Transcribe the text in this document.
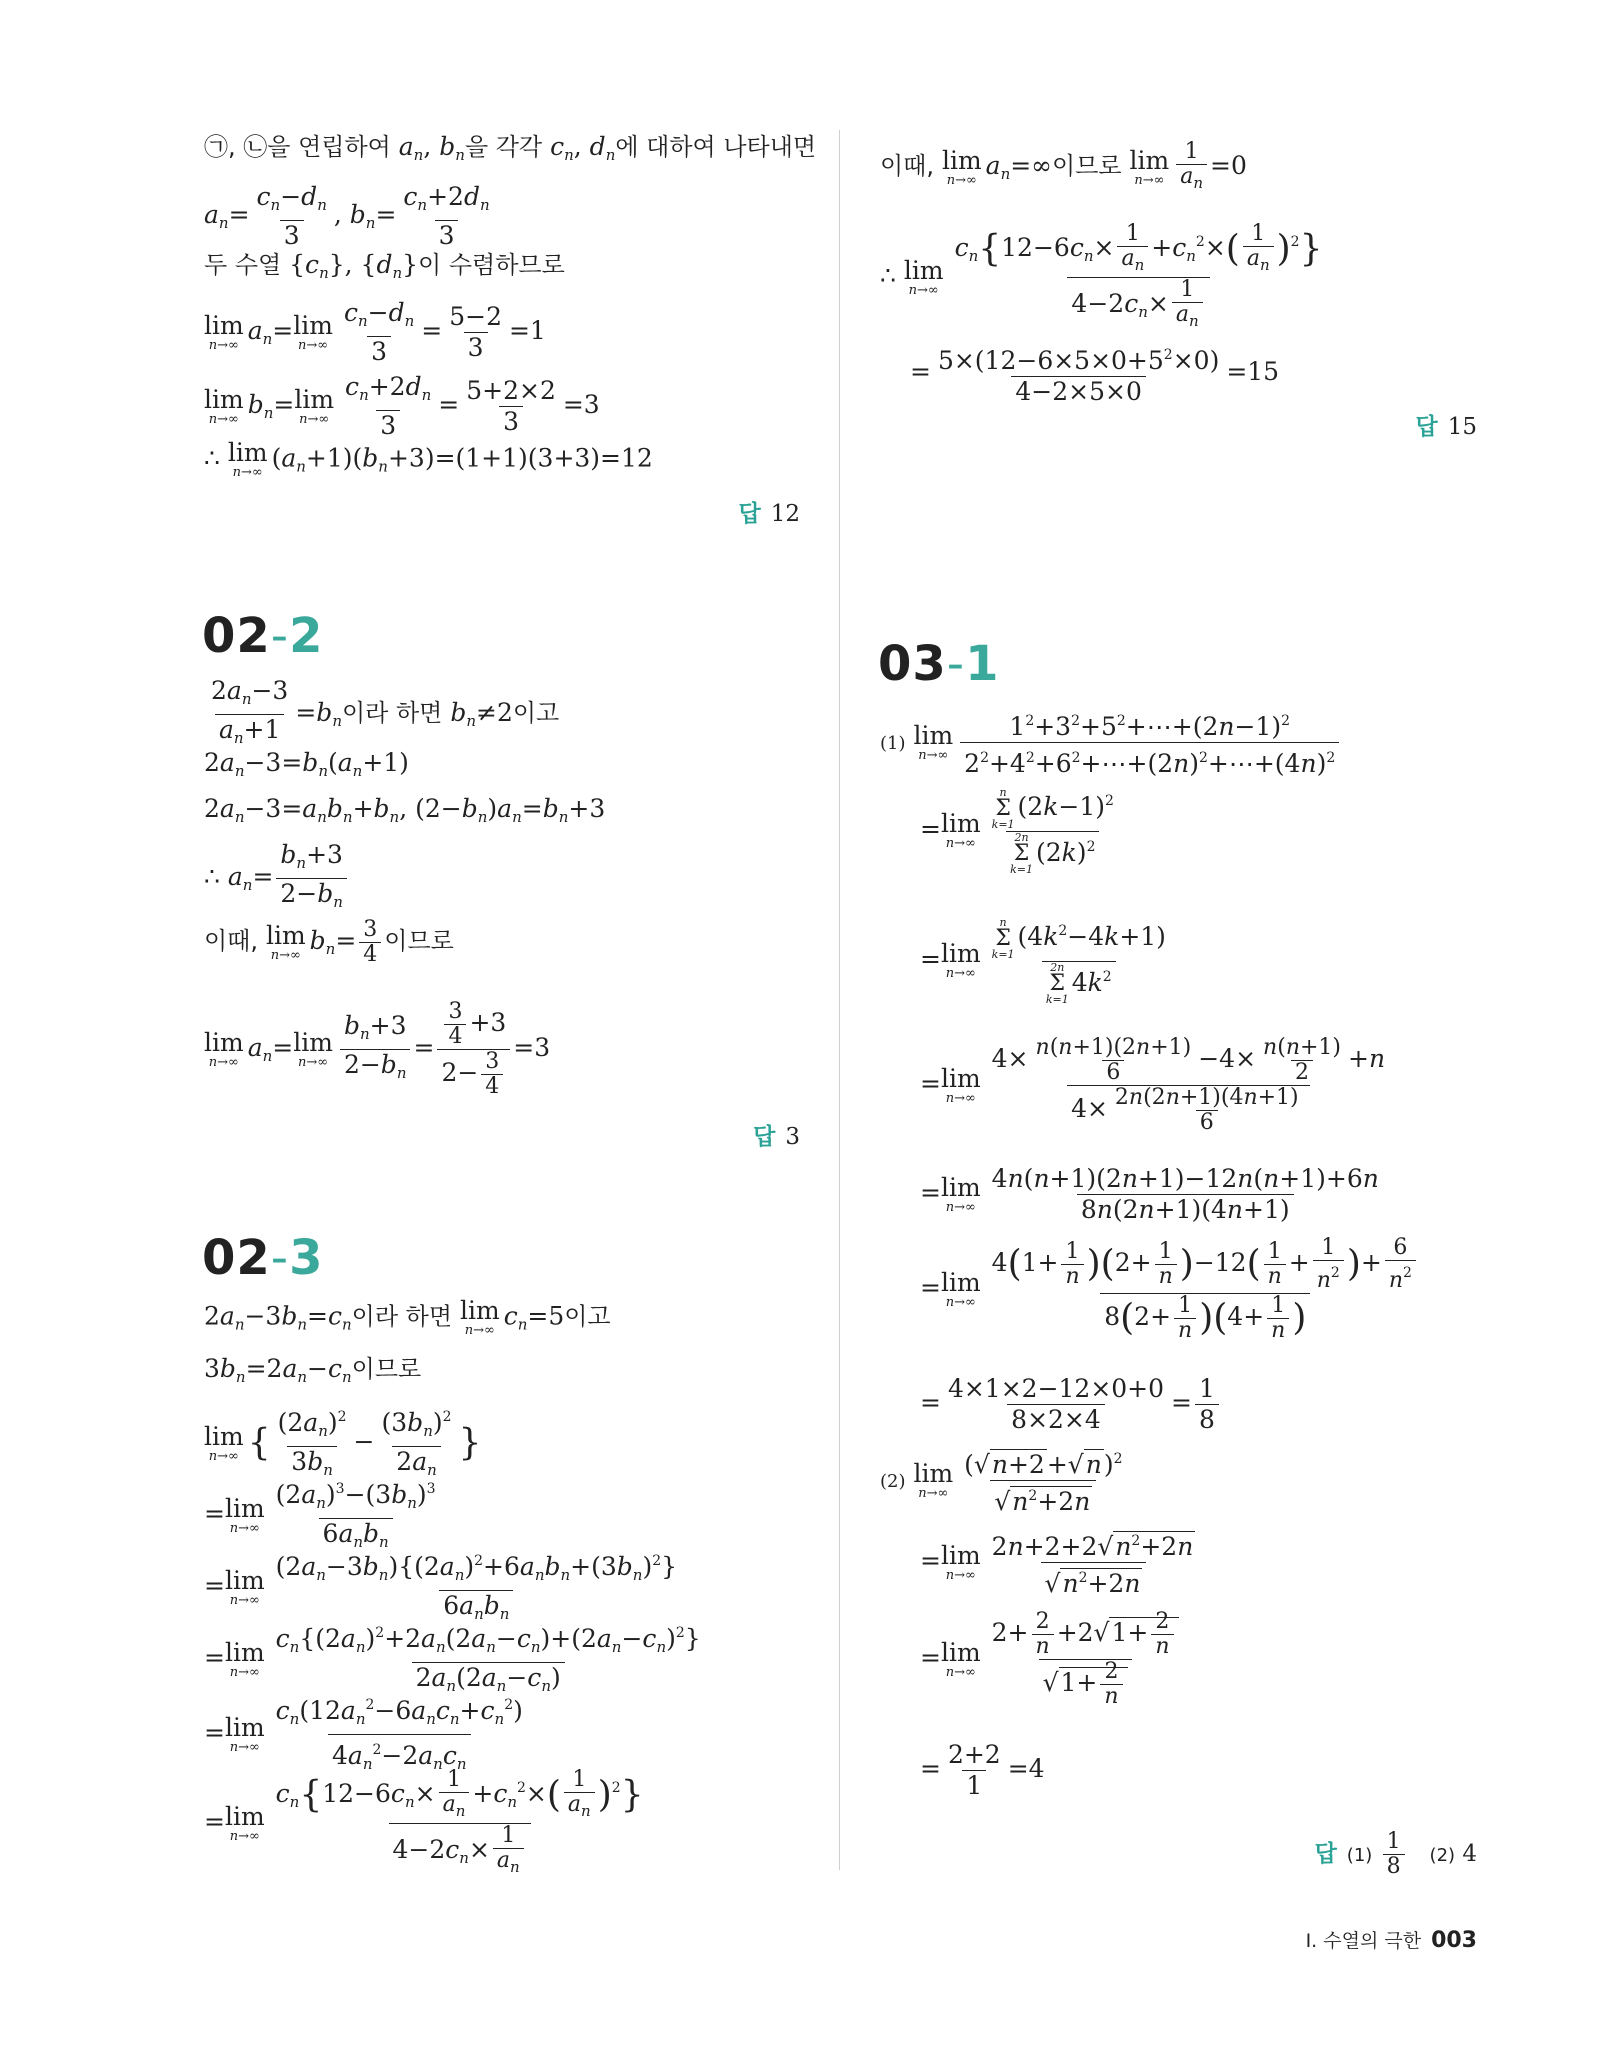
㉠, ㉡을 연립하여 $a_n$, $b_n$을 각각 $c_n$, $d_n$에 대하여 나타내면
$a_n= \frac{c_n-d_n}{3}$ , $b_n= \frac{c_n+2d_n}{3}$
두 수열 $\{c_n\}$, $\{d_n\}$이 수렴하므로
lim
n→∞ $a_n= \lim$
$n\to\infty \frac{c_n-d_n}{3} = \frac{5-2}{3} =1$
lim
n→∞ $b_n= \lim$
$n\to\infty \frac{c_n+2d_n}{3} = \frac{5+2\times 2}{3} =3$
∴ lim
n→∞ $(a_n+1)(b_n+3)=(1+1)(3+3)=12$
답 12
02-2
$\frac{2a_n-3}{a_n+1} =b_n$이라 하면 $b_n\ne 2$이고
$2a_n-3=b_n(a_n+1)$
$2a_n-3=a_nb_n+b_n$, $(2-b_n)a_n=b_n+3$
∴ $a_n= \frac{b_n+3}{2-b_n}$
이때, lim
n→∞ $b_n= \frac{3}{4}$ 이므로
lim
n→∞ $a_n= \lim$
$n\to\infty \frac{b_n+3}{2-b_n} = \frac{\frac{3}{4} +3}{2- \frac{3}{4}} =3$
답 3
02-3
$2a_n-3b_n=c_n$이라 하면 lim
n→∞ $c_n=5$이고
$3b_n=2a_n-c_n$이므로
lim
n→∞ { $\frac{(2a_n)^2}{3b_n} - \frac{(3b_n)^2}{2a_n}$ }
= lim
n→∞
$(2a_n)^3-(3b_n)^3$
$6a_nb_n$
= lim
n→∞
$(2a_n-3b_n)\{(2a_n)^2+6a_nb_n+(3b_n)^2\}$
$6a_nb_n$
= lim
$n\to\infty \frac{c_n\{(2a_n)^2+2a_n(2a_n-c_n)+(2a_n-c_n)^2\}}{2a_n(2a_n-c_n)}$
= lim
n→∞
$c_n(12a_n^2-6a_nc_n+c_n^2)$
$4a_n^2-2a_nc_n$
= lim
$n\to\infty \frac{c_n\{12-6c_n\times \frac{1}{a_n} +c_n^2\times( \frac{1}{a_n} )^2\}}{4-2c_n\times \frac{1}{a_n}}$
이때, lim
n→∞ $a_n=\infty$이므로 lim
$n\to\infty \frac{1}{a_n} =0$
∴ lim
$n\to\infty \frac{c_n\{12-6c_n\times \frac{1}{a_n} +c_n^2\times( \frac{1}{a_n} )^2\}}{4-2c_n\times \frac{1}{a_n}}$
= $\frac{5\times(12-6\times 5\times 0+5^2\times 0)}{4-2\times 5\times 0} =15$
답 15
03-1
(1) lim
$n\to\infty \frac{1^2+3^2+5^2+\cdots+(2n-1)^2}{2^2+4^2+6^2+\cdots+(2n)^2+\cdots+(4n)^2}$
= lim
n→∞
n
Σ
k=1
$(2k-1)^2$
2n
Σ
k=1
$(2k)^2$
= lim
n→∞
n
Σ
k=1
$(4k^2-4k+1)$
2n
Σ
k=1
$4k^2$
= lim
$n\to\infty \frac{4\times \frac{n(n+1)(2n+1)}{6} -4\times \frac{n(n+1)}{2} +n}{4\times \frac{2n(2n+1)(4n+1)}{6}}$
= lim
$n\to\infty \frac{4n(n+1)(2n+1)-12n(n+1)+6n}{8n(2n+1)(4n+1)}$
= lim
$n\to\infty \frac{4(1+ \frac{1}{n} )(2+ \frac{1}{n} )-12( \frac{1}{n} + \frac{1}{n^2} )+ \frac{6}{n^2}}{8(2+ \frac{1}{n} )(4+ \frac{1}{n} )}$
= $\frac{4\times 1\times 2-12\times 0+0}{8\times 2\times 4} = \frac{1}{8}$
(2) lim
$n\to\infty \frac{(√n+2+√n)^2}{√n^2+2n}$
= lim
$n\to\infty \frac{2n+2+2√n^2+2n}{√n^2+2n}$
= lim
$n\to\infty \frac{2+ \frac{2}{n} +2√1+ \frac{2}{n}}{√1+ \frac{2}{n}}$
= $\frac{2+2}{1} =4$
답 $(1) \frac{1}{8} (2)$ 4
Ⅰ. 수열의 극한 003
